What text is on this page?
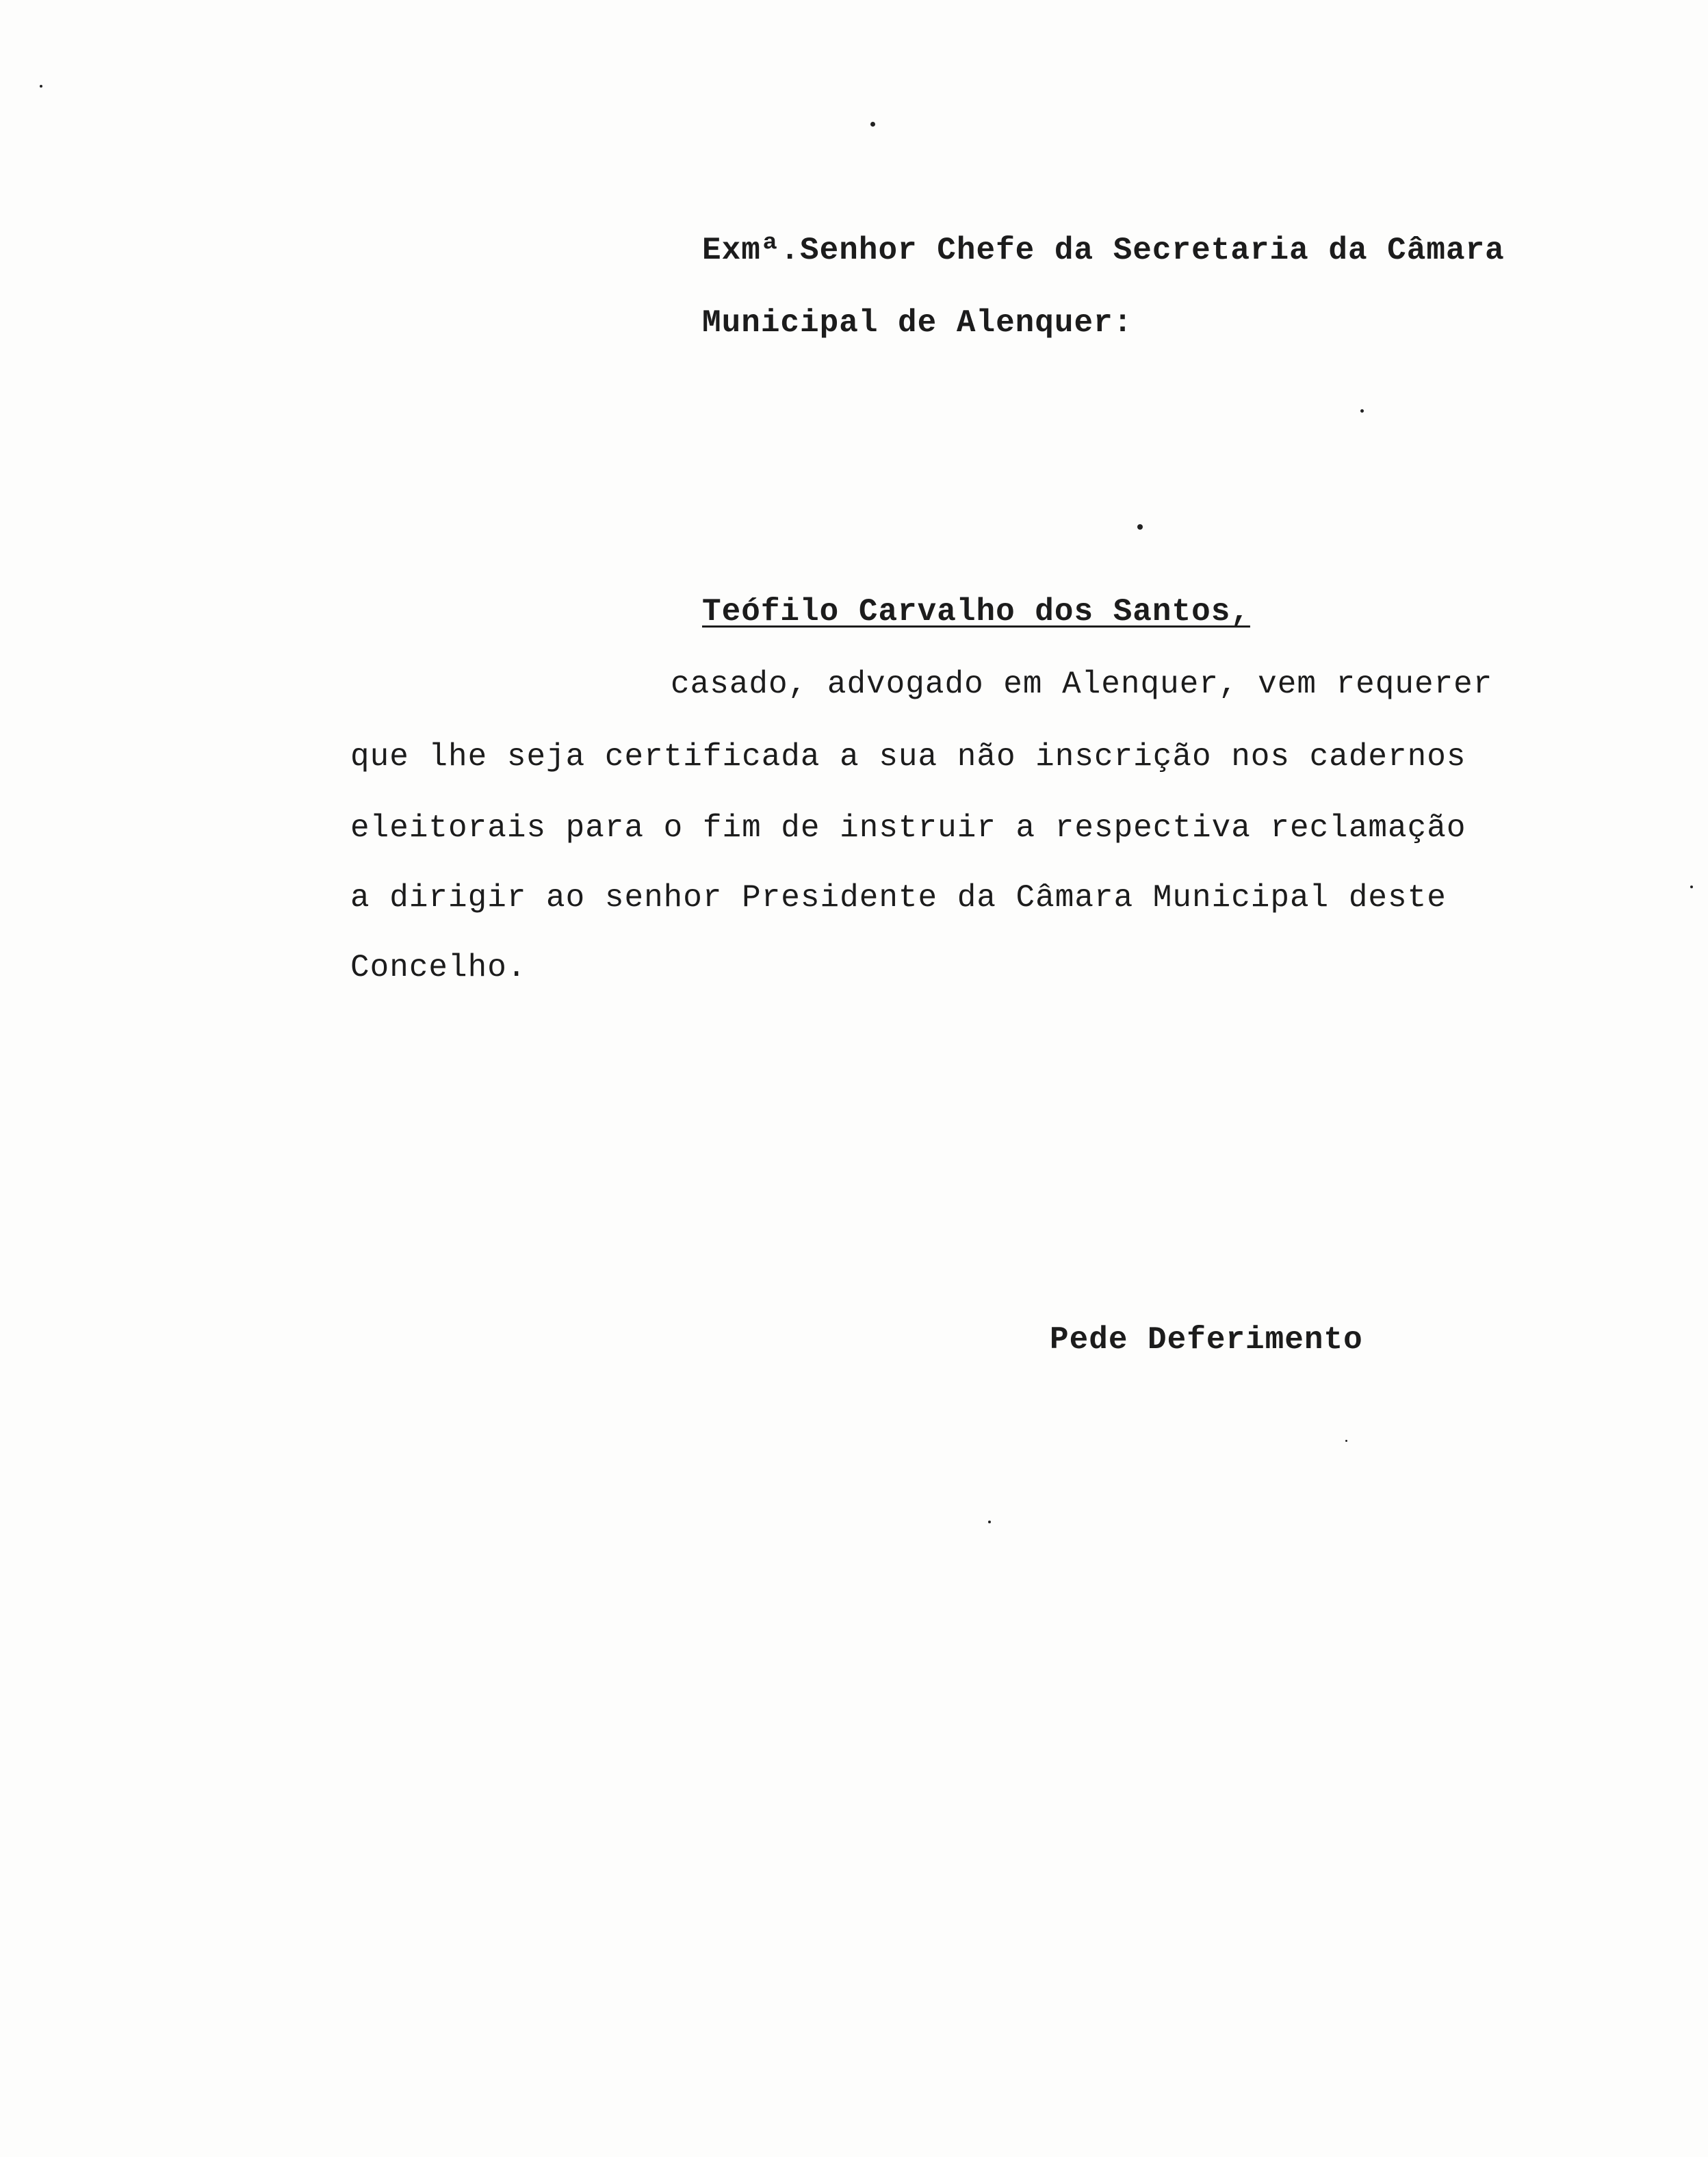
Exmª.Senhor Chefe da Secretaria da Câmara
Municipal de Alenquer:
Teófilo Carvalho dos Santos,
casado, advogado em Alenquer, vem requerer
que lhe seja certificada a sua não inscrição nos cadernos
eleitorais para o fim de instruir a respectiva reclamação
a dirigir ao senhor Presidente da Câmara Municipal deste
Concelho.
Pede Deferimento
